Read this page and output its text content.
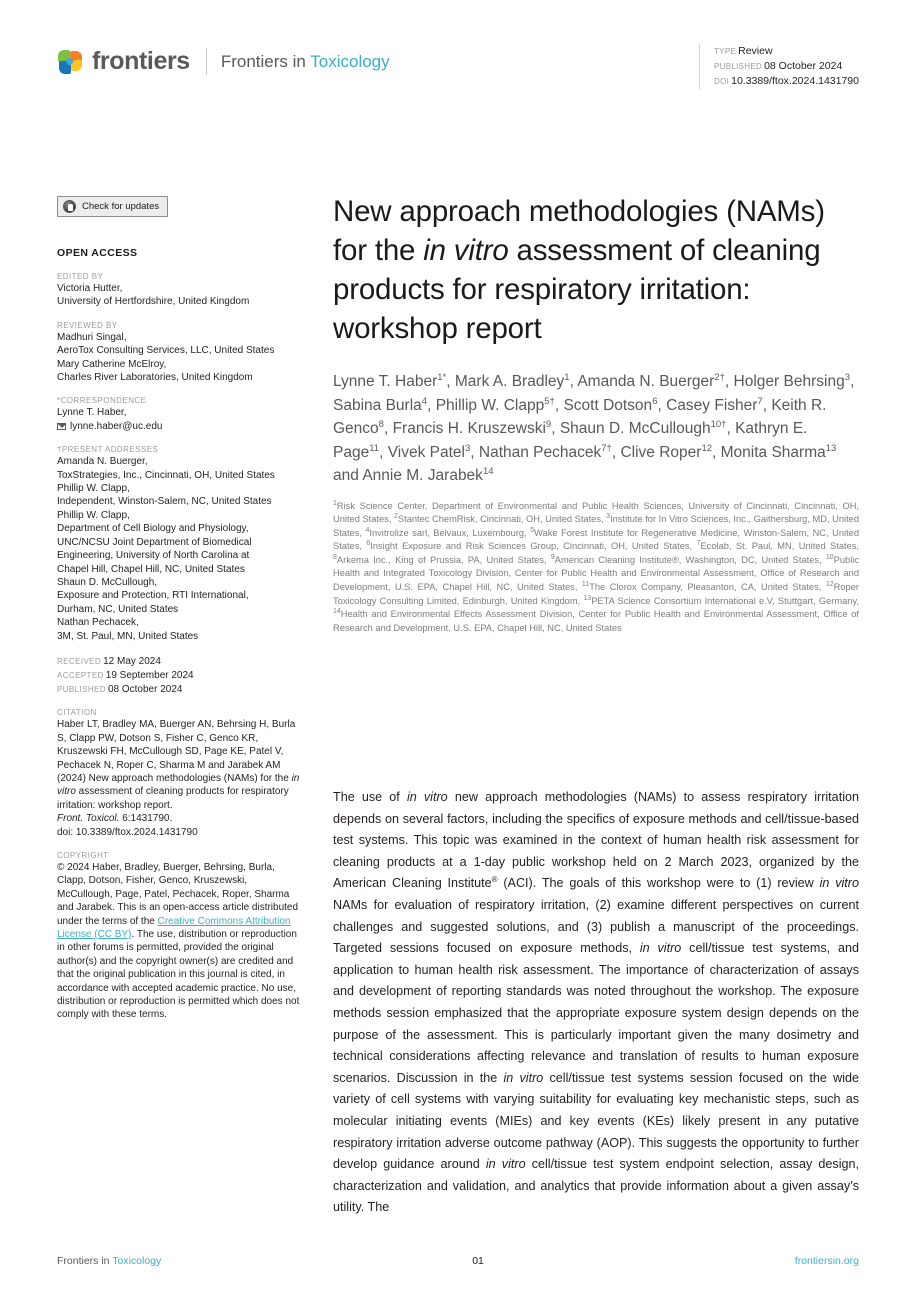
frontiers Frontiers in Toxicology
TYPE Review
PUBLISHED 08 October 2024
DOI 10.3389/ftox.2024.1431790
Check for updates
OPEN ACCESS
EDITED BY
Victoria Hutter,
University of Hertfordshire, United Kingdom
REVIEWED BY
Madhuri Singal,
AeroTox Consulting Services, LLC, United States
Mary Catherine McElroy,
Charles River Laboratories, United Kingdom
*CORRESPONDENCE
Lynne T. Haber,
lynne.haber@uc.edu
†PRESENT ADDRESSES
Amanda N. Buerger,
ToxStrategies, Inc., Cincinnati, OH, United States
Phillip W. Clapp,
Independent, Winston-Salem, NC, United States
Phillip W. Clapp,
Department of Cell Biology and Physiology,
UNC/NCSU Joint Department of Biomedical
Engineering, University of North Carolina at
Chapel Hill, Chapel Hill, NC, United States
Shaun D. McCullough,
Exposure and Protection, RTI International,
Durham, NC, United States
Nathan Pechacek,
3M, St. Paul, MN, United States
RECEIVED 12 May 2024
ACCEPTED 19 September 2024
PUBLISHED 08 October 2024
CITATION
Haber LT, Bradley MA, Buerger AN, Behrsing H, Burla S, Clapp PW, Dotson S, Fisher C, Genco KR, Kruszewski FH, McCullough SD, Page KE, Patel V, Pechacek N, Roper C, Sharma M and Jarabek AM (2024) New approach methodologies (NAMs) for the in vitro assessment of cleaning products for respiratory irritation: workshop report.
Front. Toxicol. 6:1431790.
doi: 10.3389/ftox.2024.1431790
COPYRIGHT
© 2024 Haber, Bradley, Buerger, Behrsing, Burla, Clapp, Dotson, Fisher, Genco, Kruszewski, McCullough, Page, Patel, Pechacek, Roper, Sharma and Jarabek. This is an open-access article distributed under the terms of the Creative Commons Attribution License (CC BY). The use, distribution or reproduction in other forums is permitted, provided the original author(s) and the copyright owner(s) are credited and that the original publication in this journal is cited, in accordance with accepted academic practice. No use, distribution or reproduction is permitted which does not comply with these terms.
New approach methodologies (NAMs) for the in vitro assessment of cleaning products for respiratory irritation: workshop report
Lynne T. Haber$^{1*}$, Mark A. Bradley$^1$, Amanda N. Buerger$^{2\dagger}$, Holger Behrsing$^3$, Sabina Burla$^4$, Phillip W. Clapp$^{5\dagger}$, Scott Dotson$^6$, Casey Fisher$^7$, Keith R. Genco$^8$, Francis H. Kruszewski$^9$, Shaun D. McCullough$^{10\dagger}$, Kathryn E. Page$^{11}$, Vivek Patel$^3$, Nathan Pechacek$^{7\dagger}$, Clive Roper$^{12}$, Monita Sharma$^{13}$ and Annie M. Jarabek$^{14}$
$^1$Risk Science Center, Department of Environmental and Public Health Sciences, University of Cincinnati, Cincinnati, OH, United States, $^2$Stantec ChemRisk, Cincinnati, OH, United States, $^3$Institute for In Vitro Sciences, Inc., Gaithersburg, MD, United States, $^4$Invitrolize sarl, Belvaux, Luxembourg, $^5$Wake Forest Institute for Regenerative Medicine, Winston-Salem, NC, United States, $^6$Insight Exposure and Risk Sciences Group, Cincinnati, OH, United States, $^7$Ecolab, St. Paul, MN, United States, $^8$Arkema Inc., King of Prussia, PA, United States, $^9$American Cleaning Institute®, Washington, DC, United States, $^{10}$Public Health and Integrated Toxicology Division, Center for Public Health and Environmental Assessment, Office of Research and Development, U.S. EPA, Chapel Hill, NC, United States, $^{11}$The Clorox Company, Pleasanton, CA, United States, $^{12}$Roper Toxicology Consulting Limited, Edinburgh, United Kingdom, $^{13}$PETA Science Consortium International e.V, Stuttgart, Germany, $^{14}$Health and Environmental Effects Assessment Division, Center for Public Health and Environmental Assessment, Office of Research and Development, U.S. EPA, Chapel Hill, NC, United States
The use of in vitro new approach methodologies (NAMs) to assess respiratory irritation depends on several factors, including the specifics of exposure methods and cell/tissue-based test systems. This topic was examined in the context of human health risk assessment for cleaning products at a 1-day public workshop held on 2 March 2023, organized by the American Cleaning Institute® (ACI). The goals of this workshop were to (1) review in vitro NAMs for evaluation of respiratory irritation, (2) examine different perspectives on current challenges and suggested solutions, and (3) publish a manuscript of the proceedings. Targeted sessions focused on exposure methods, in vitro cell/tissue test systems, and application to human health risk assessment. The importance of characterization of assays and development of reporting standards was noted throughout the workshop. The exposure methods session emphasized that the appropriate exposure system design depends on the purpose of the assessment. This is particularly important given the many dosimetry and technical considerations affecting relevance and translation of results to human exposure scenarios. Discussion in the in vitro cell/tissue test systems session focused on the wide variety of cell systems with varying suitability for evaluating key mechanistic steps, such as molecular initiating events (MIEs) and key events (KEs) likely present in any putative respiratory irritation adverse outcome pathway (AOP). This suggests the opportunity to further develop guidance around in vitro cell/tissue test system endpoint selection, assay design, characterization and validation, and analytics that provide information about a given assay’s utility. The
Frontiers in Toxicology	01	frontiersin.org
